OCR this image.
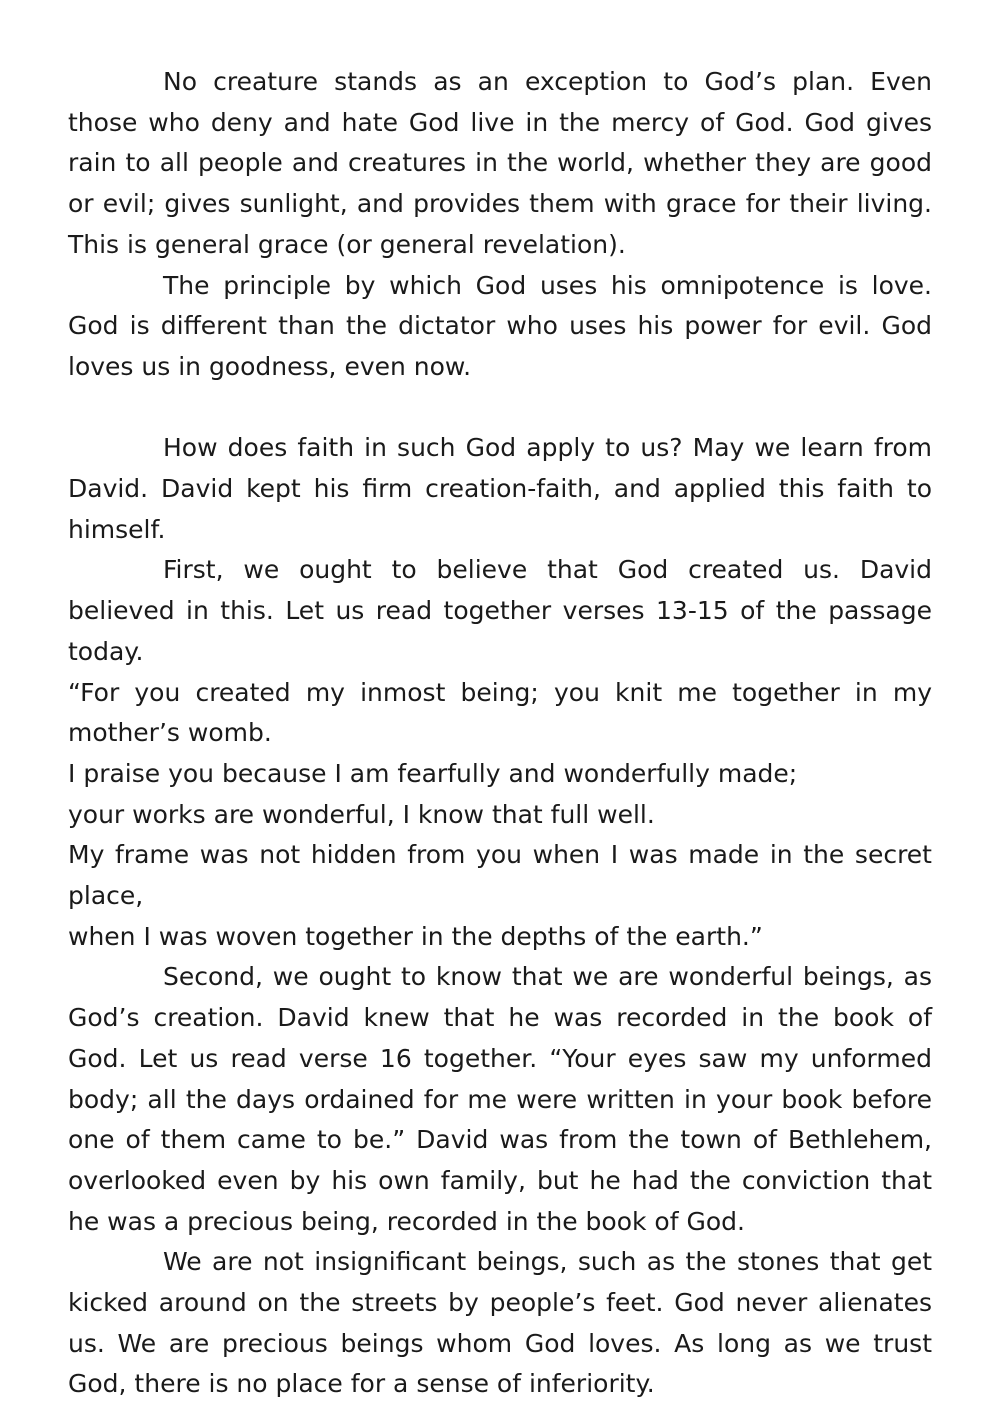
No creature stands as an exception to God’s plan. Even those who deny and hate God live in the mercy of God. God gives rain to all people and creatures in the world, whether they are good or evil; gives sunlight, and provides them with grace for their living. This is general grace (or general revelation).

The principle by which God uses his omnipotence is love. God is different than the dictator who uses his power for evil. God loves us in goodness, even now.

How does faith in such God apply to us? May we learn from David. David kept his firm creation-faith, and applied this faith to himself.

First, we ought to believe that God created us. David believed in this. Let us read together verses 13-15 of the passage today.

“For you created my inmost being; you knit me together in my mother’s womb.

I praise you because I am fearfully and wonderfully made;

your works are wonderful, I know that full well.

My frame was not hidden from you when I was made in the secret place,

when I was woven together in the depths of the earth.”

Second, we ought to know that we are wonderful beings, as God’s creation. David knew that he was recorded in the book of God. Let us read verse 16 together. “Your eyes saw my unformed body; all the days ordained for me were written in your book before one of them came to be.” David was from the town of Bethlehem, overlooked even by his own family, but he had the conviction that he was a precious being, recorded in the book of God.

We are not insignificant beings, such as the stones that get kicked around on the streets by people’s feet. God never alienates us. We are precious beings whom God loves. As long as we trust God, there is no place for a sense of inferiority.
